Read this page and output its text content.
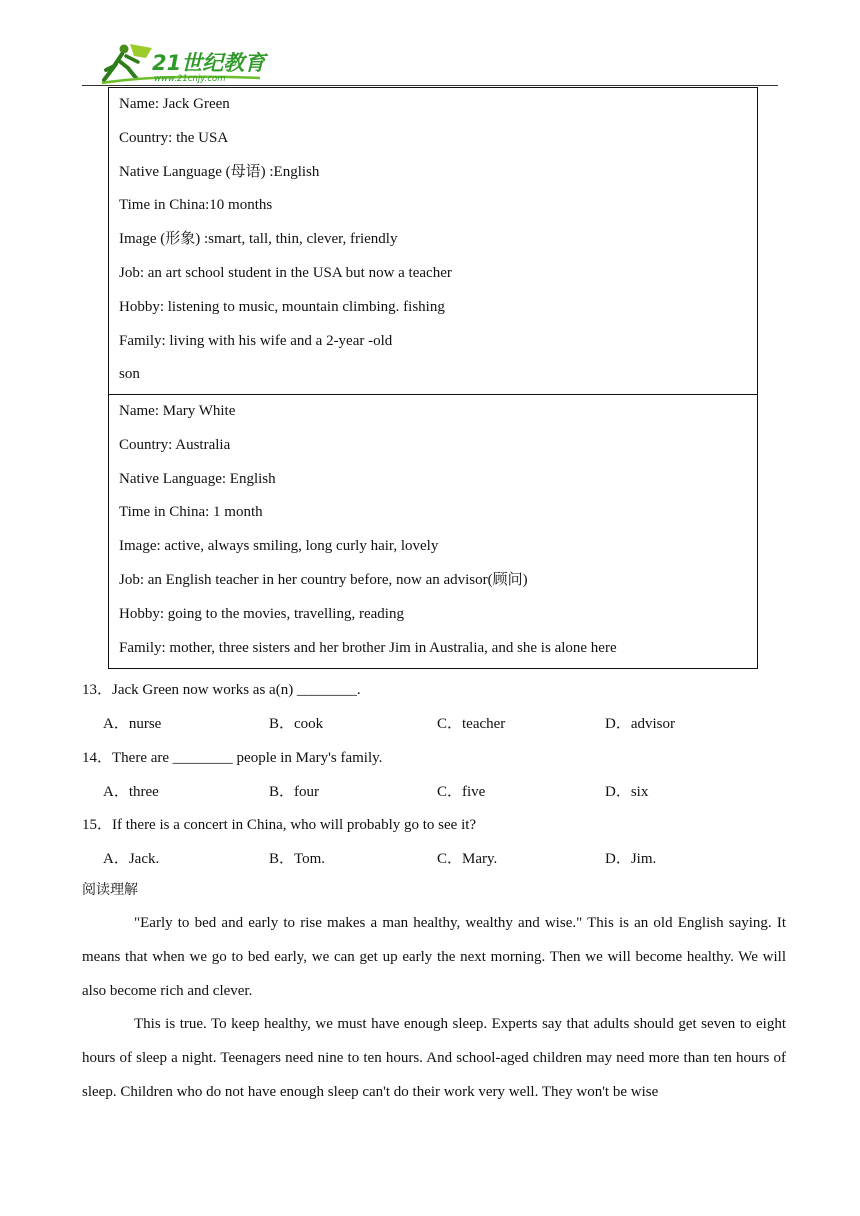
21世纪教育
www.21cnjy.com
Name: Jack Green
Country: the USA
Native Language (母语) :English
Time in China:10 months
Image (形象) :smart, tall, thin, clever, friendly
Job: an art school student in the USA but now a teacher
Hobby: listening to music, mountain climbing. fishing
Family: living with his wife and a 2-year -old
son
Name: Mary White
Country: Australia
Native Language: English
Time in China: 1 month
Image: active, always smiling, long curly hair, lovely
Job: an English teacher in her country before, now an advisor(顾问)
Hobby: going to the movies, travelling, reading
Family: mother, three sisters and her brother Jim in Australia, and she is alone here
13．Jack Green now works as a(n) ________.
A．nurse	B．cook	C．teacher	D．advisor
14．There are ________ people in Mary's family.
A．three	B．four	C．five	D．six
15．If there is a concert in China, who will probably go to see it?
A．Jack.	B．Tom.	C．Mary.	D．Jim.
阅读理解
"Early to bed and early to rise makes a man healthy, wealthy and wise." This is an old English saying. It means that when we go to bed early, we can get up early the next morning. Then we will become healthy. We will also become rich and clever.
This is true. To keep healthy, we must have enough sleep. Experts say that adults should get seven to eight hours of sleep a night. Teenagers need nine to ten hours. And school-aged children may need more than ten hours of sleep. Children who do not have enough sleep can't do their work very well. They won't be wise
